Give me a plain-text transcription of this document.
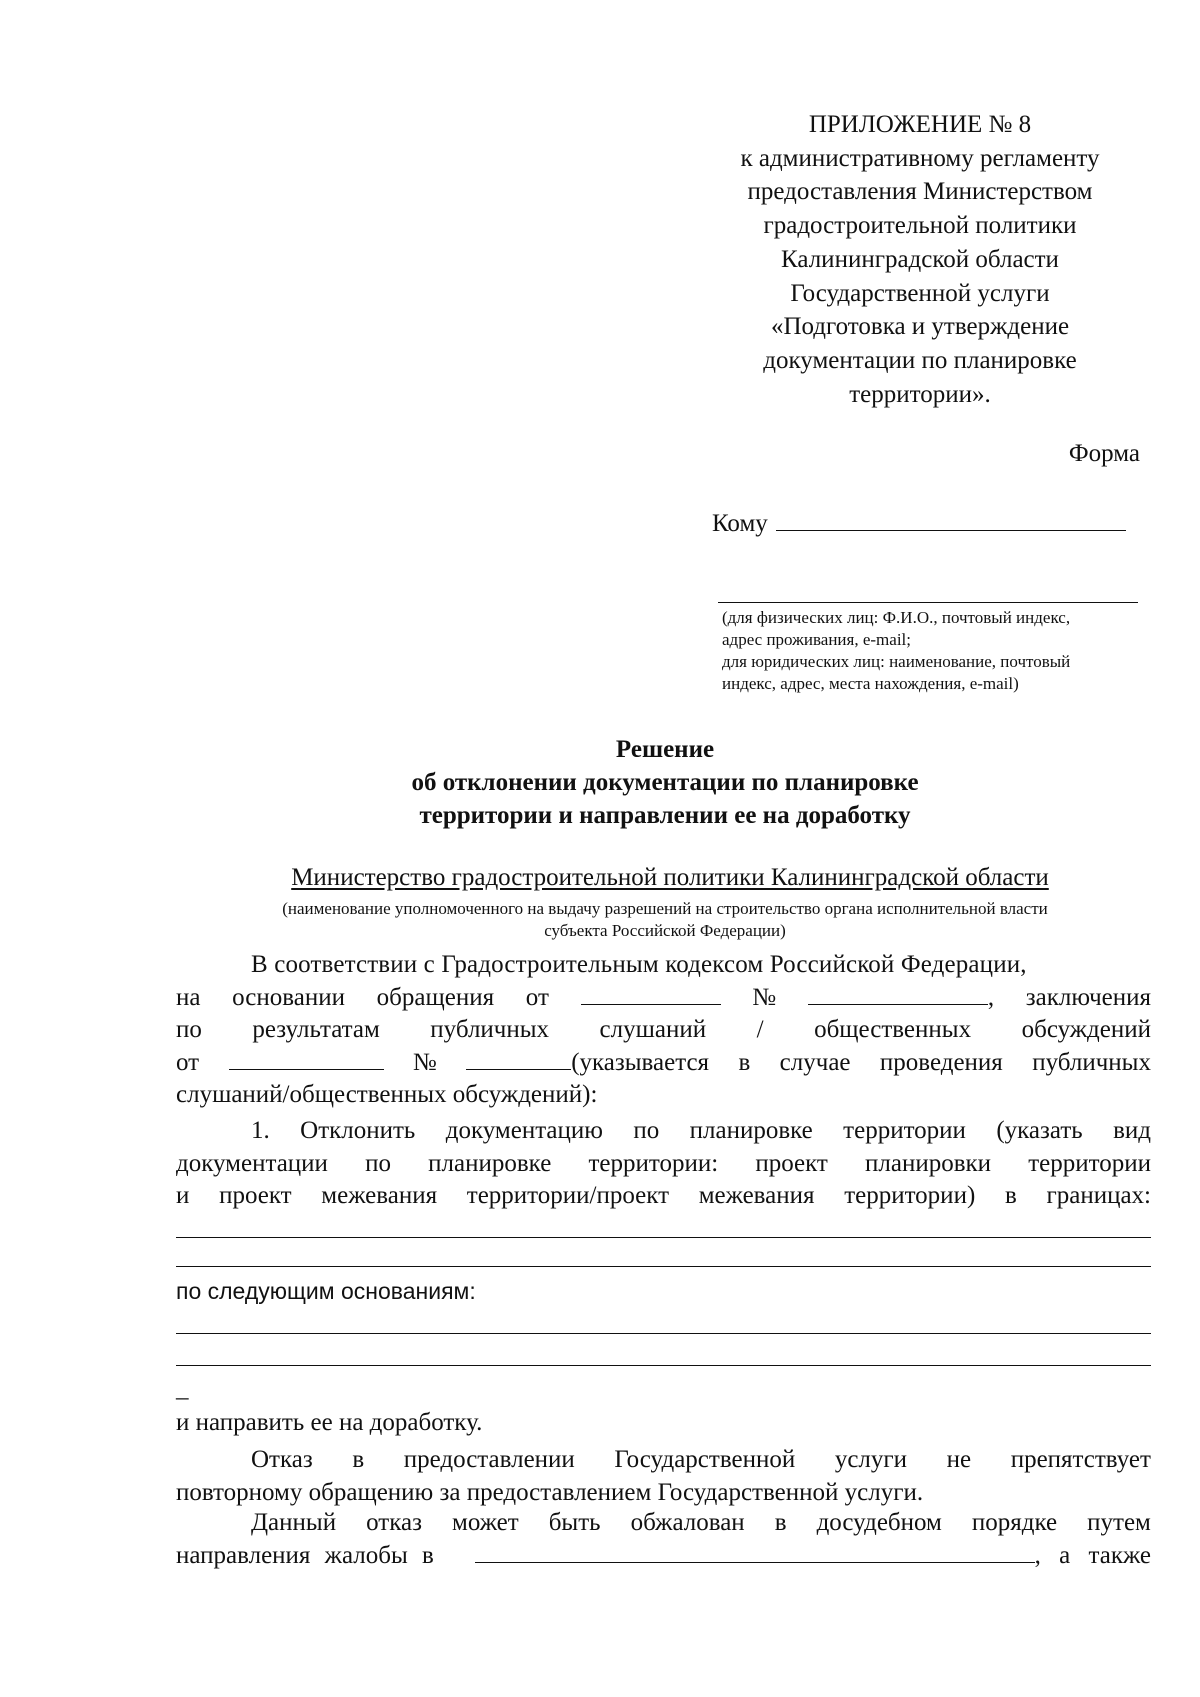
ПРИЛОЖЕНИЕ № 8
к административному регламенту
предоставления Министерством
градостроительной политики
Калининградской области
Государственной услуги
«Подготовка и утверждение
документации по планировке
территории».
Форма
Кому
(для физических лиц: Ф.И.О., почтовый индекс,
адрес проживания, e-mail;
для юридических лиц: наименование, почтовый
индекс, адрес, места нахождения, e-mail)
Решение
об отклонении документации по планировке
территории и направлении ее на доработку
Министерство градостроительной политики Калининградской области
(наименование уполномоченного на выдачу разрешений на строительство органа исполнительной власти
субъекта Российской Федерации)
В соответствии с Градостроительным кодексом Российской Федерации,
на основании обращения от	№	, заключения
по результатам публичных слушаний / общественных обсуждений
от	№	(указывается в случае проведения публичных
слушаний/общественных обсуждений):
1. Отклонить документацию по планировке территории (указать вид
документации по планировке территории: проект планировки территории
и проект межевания территории/проект межевания территории) в границах:
по следующим основаниям:
_
и направить ее на доработку.
Отказ в предоставлении Государственной услуги не препятствует
повторному обращению за предоставлением Государственной услуги.
Данный отказ может быть обжалован в досудебном порядке путем
направления жалобы в	, а также
